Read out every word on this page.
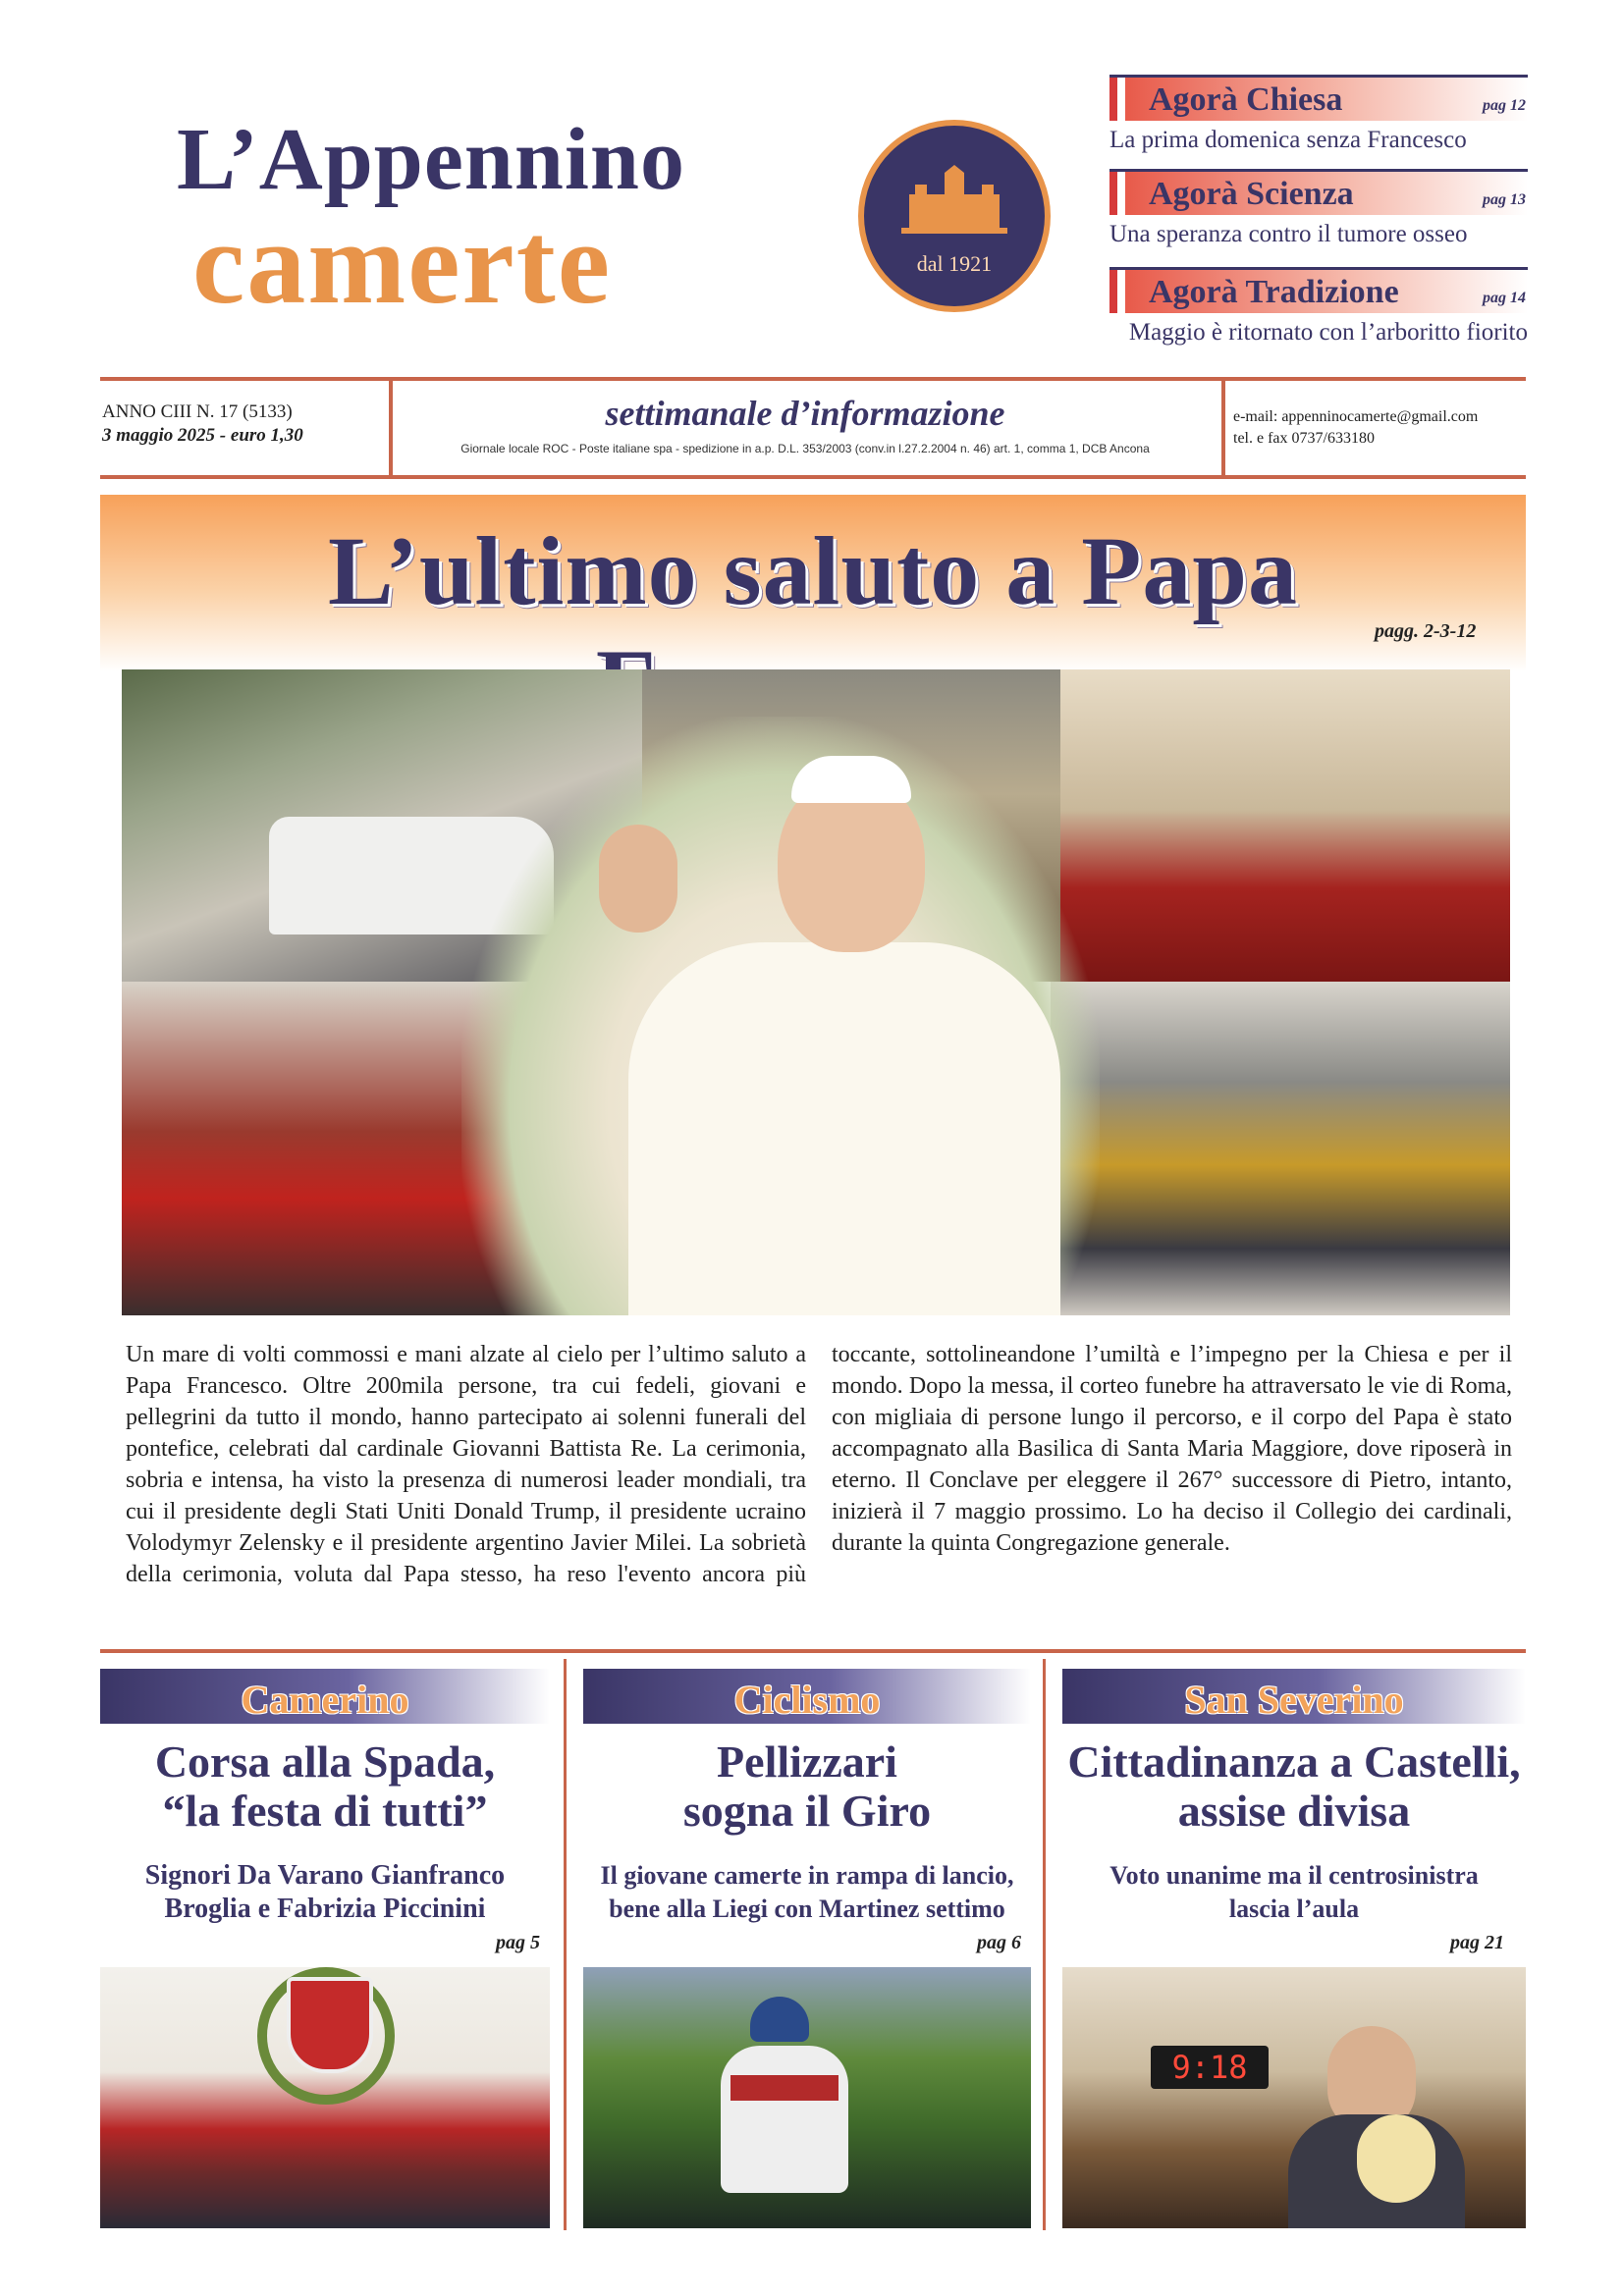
L’Appennino
camerte	dal 1921
Agorà Chiesa	pag 12
La prima domenica senza Francesco
Agorà Scienza	pag 13
Una speranza contro il tumore osseo
Agorà Tradizione	pag 14
Maggio è ritornato con l’arboritto fiorito
ANNO CIII N. 17 (5133)
3 maggio 2025 - euro 1,30
settimanale d’informazione
Giornale locale ROC - Poste italiane spa - spedizione in a.p. D.L. 353/2003 (conv.in l.27.2.2004 n. 46) art. 1, comma 1, DCB Ancona
e-mail: appenninocamerte@gmail.com
tel. e fax 0737/633180
L’ultimo saluto a Papa
pagg. 2-3-12
Un mare di volti commossi e mani alzate al cielo per l’ultimo saluto a Papa Francesco. Oltre 200mila persone, tra cui fedeli, giovani e pellegrini da tutto il mondo, hanno partecipato ai solenni funerali del pontefice, celebrati dal cardinale Giovanni Battista Re. La cerimonia, sobria e intensa, ha visto la presenza di numerosi leader mondiali, tra cui il presidente degli Stati Uniti Donald Trump, il presidente ucraino Volodymyr Zelensky e il presidente argentino Javier Milei. La sobrietà della cerimonia, voluta dal Papa stesso, ha reso l'evento ancora più toccante, sottolineandone l’umiltà e l’impegno per la Chiesa e per il mondo. Dopo la messa, il corteo funebre ha attraversato le vie di Roma, con migliaia di persone lungo il percorso, e il corpo del Papa è stato accompagnato alla Basilica di Santa Maria Maggiore, dove riposerà in eterno. Il Conclave per eleggere il 267° successore di Pietro, intanto, inizierà il 7 maggio prossimo. Lo ha deciso il Collegio dei cardinali, durante la quinta Congregazione generale.
Camerino
Corsa alla Spada,
“la festa di tutti”
Signori Da Varano Gianfranco
Broglia e Fabrizia Piccinini
pag 5
Ciclismo
Pellizzari
sogna il Giro
Il giovane camerte in rampa di lancio,
bene alla Liegi con Martinez settimo
pag 6
San Severino
Cittadinanza a Castelli,
assise divisa
Voto unanime ma il centrosinistra
lascia l’aula
pag 21
9:18
